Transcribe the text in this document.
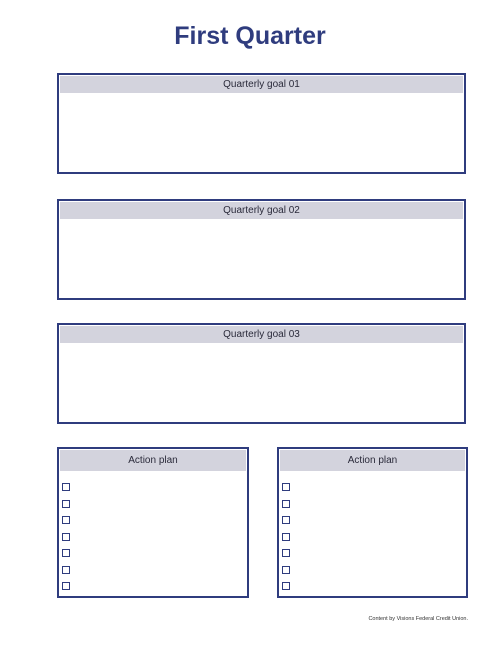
First Quarter
Quarterly goal 01
Quarterly goal 02
Quarterly goal 03
Action plan	Action plan
Content by Visions Federal Credit Union.
